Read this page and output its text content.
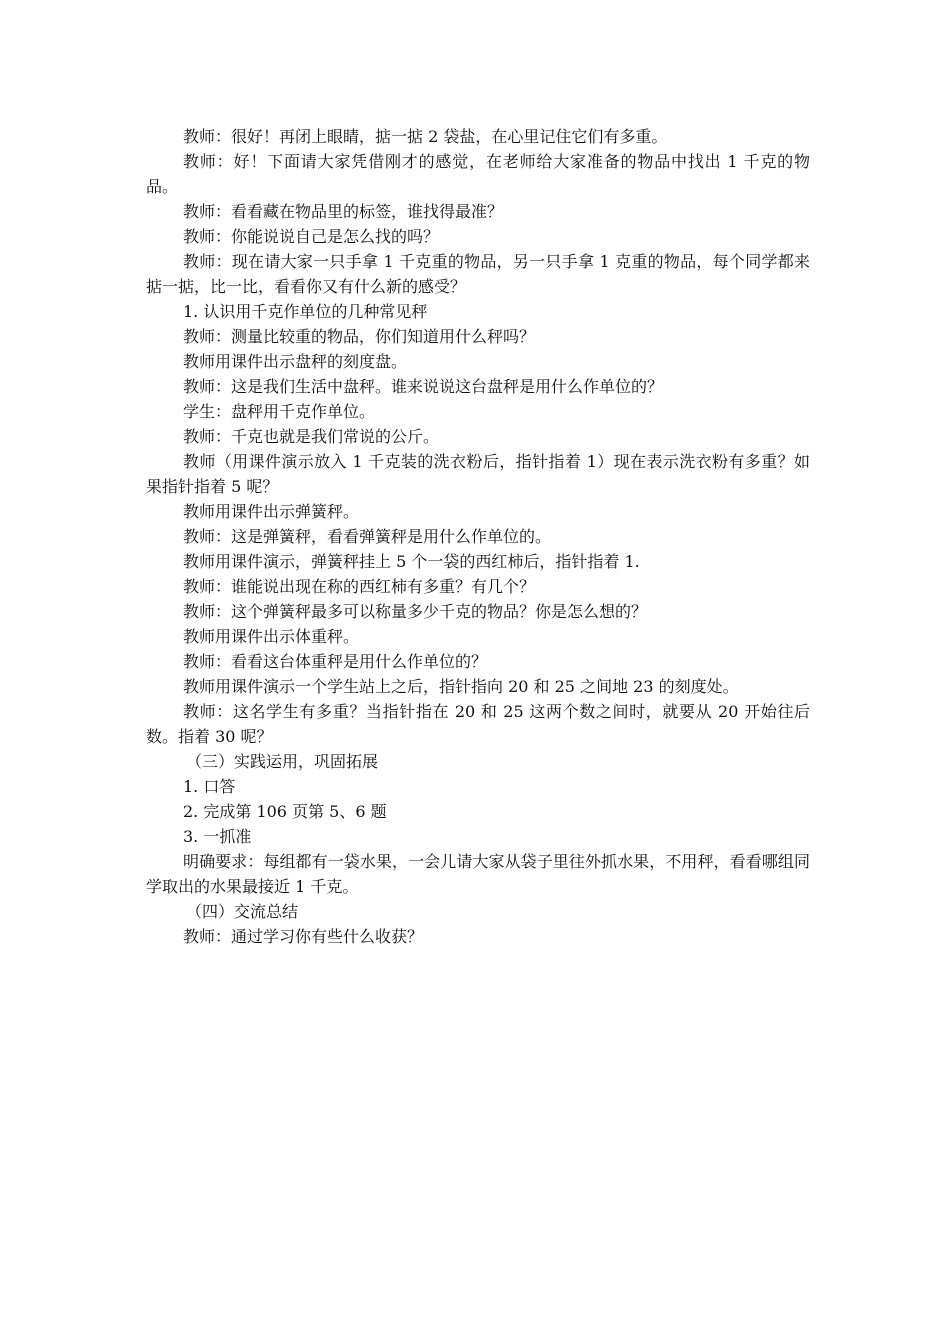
教师：很好！再闭上眼睛，掂一掂 2 袋盐，在心里记住它们有多重。

教师：好！下面请大家凭借刚才的感觉，在老师给大家准备的物品中找出 1 千克的物品。

教师：看看藏在物品里的标签，谁找得最准？

教师：你能说说自己是怎么找的吗？

教师：现在请大家一只手拿 1 千克重的物品，另一只手拿 1 克重的物品，每个同学都来掂一掂，比一比，看看你又有什么新的感受？

1. 认识用千克作单位的几种常见秤

教师：测量比较重的物品，你们知道用什么秤吗？

教师用课件出示盘秤的刻度盘。

教师：这是我们生活中盘秤。谁来说说这台盘秤是用什么作单位的？

学生：盘秤用千克作单位。

教师：千克也就是我们常说的公斤。

教师（用课件演示放入 1 千克装的洗衣粉后，指针指着 1）现在表示洗衣粉有多重？如果指针指着 5 呢？

教师用课件出示弹簧秤。

教师：这是弹簧秤，看看弹簧秤是用什么作单位的。

教师用课件演示，弹簧秤挂上 5 个一袋的西红柿后，指针指着 1.

教师：谁能说出现在称的西红柿有多重？有几个？

教师：这个弹簧秤最多可以称量多少千克的物品？你是怎么想的？

教师用课件出示体重秤。

教师：看看这台体重秤是用什么作单位的？

教师用课件演示一个学生站上之后，指针指向 20 和 25 之间地 23 的刻度处。

教师：这名学生有多重？当指针指在 20 和 25 这两个数之间时，就要从 20 开始往后数。指着 30 呢？

（三）实践运用，巩固拓展

1. 口答

2. 完成第 106 页第 5、6 题

3. 一抓准

明确要求：每组都有一袋水果，一会儿请大家从袋子里往外抓水果，不用秤，看看哪组同学取出的水果最接近 1 千克。

（四）交流总结

教师：通过学习你有些什么收获？
